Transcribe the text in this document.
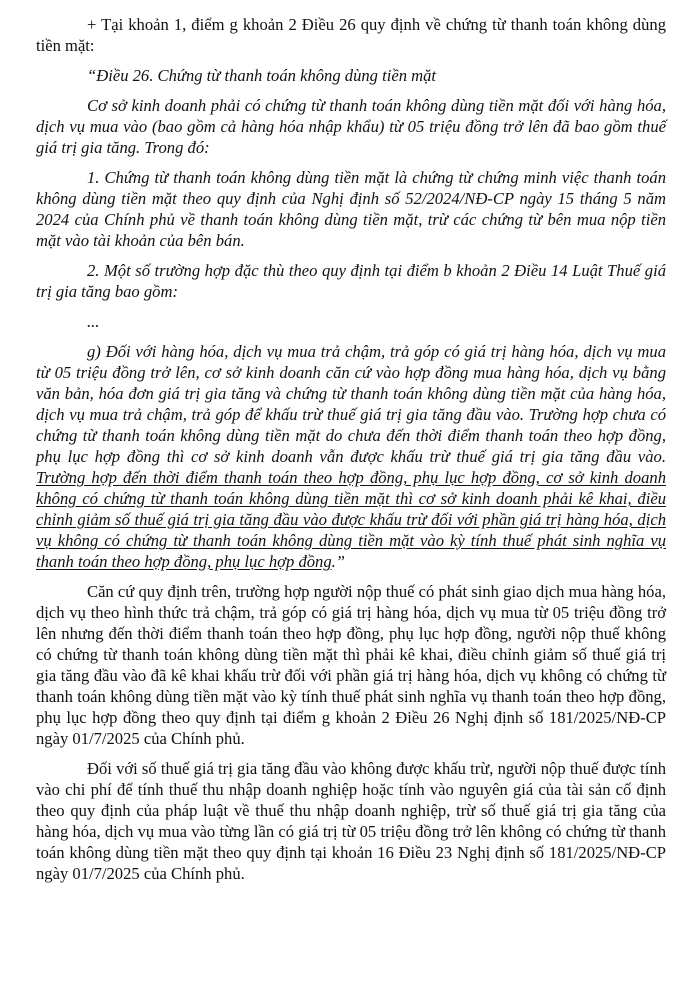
+ Tại khoản 1, điểm g khoản 2 Điều 26 quy định về chứng từ thanh toán không dùng tiền mặt:

“Điều 26. Chứng từ thanh toán không dùng tiền mặt

Cơ sở kinh doanh phải có chứng từ thanh toán không dùng tiền mặt đối với hàng hóa, dịch vụ mua vào (bao gồm cả hàng hóa nhập khẩu) từ 05 triệu đồng trở lên đã bao gồm thuế giá trị gia tăng. Trong đó:

1. Chứng từ thanh toán không dùng tiền mặt là chứng từ chứng minh việc thanh toán không dùng tiền mặt theo quy định của Nghị định số 52/2024/NĐ-CP ngày 15 tháng 5 năm 2024 của Chính phủ về thanh toán không dùng tiền mặt, trừ các chứng từ bên mua nộp tiền mặt vào tài khoản của bên bán.

2. Một số trường hợp đặc thù theo quy định tại điểm b khoản 2 Điều 14 Luật Thuế giá trị gia tăng bao gồm:

...

g) Đối với hàng hóa, dịch vụ mua trả chậm, trả góp có giá trị hàng hóa, dịch vụ mua từ 05 triệu đồng trở lên, cơ sở kinh doanh căn cứ vào hợp đồng mua hàng hóa, dịch vụ bằng văn bản, hóa đơn giá trị gia tăng và chứng từ thanh toán không dùng tiền mặt của hàng hóa, dịch vụ mua trả chậm, trả góp để khấu trừ thuế giá trị gia tăng đầu vào. Trường hợp chưa có chứng từ thanh toán không dùng tiền mặt do chưa đến thời điểm thanh toán theo hợp đồng, phụ lục hợp đồng thì cơ sở kinh doanh vẫn được khấu trừ thuế giá trị gia tăng đầu vào. Trường hợp đến thời điểm thanh toán theo hợp đồng, phụ lục hợp đồng, cơ sở kinh doanh không có chứng từ thanh toán không dùng tiền mặt thì cơ sở kinh doanh phải kê khai, điều chỉnh giảm số thuế giá trị gia tăng đầu vào được khấu trừ đối với phần giá trị hàng hóa, dịch vụ không có chứng từ thanh toán không dùng tiền mặt vào kỳ tính thuế phát sinh nghĩa vụ thanh toán theo hợp đồng, phụ lục hợp đồng.”

Căn cứ quy định trên, trường hợp người nộp thuế có phát sinh giao dịch mua hàng hóa, dịch vụ theo hình thức trả chậm, trả góp có giá trị hàng hóa, dịch vụ mua từ 05 triệu đồng trở lên nhưng đến thời điểm thanh toán theo hợp đồng, phụ lục hợp đồng, người nộp thuế không có chứng từ thanh toán không dùng tiền mặt thì phải kê khai, điều chỉnh giảm số thuế giá trị gia tăng đầu vào đã kê khai khấu trừ đối với phần giá trị hàng hóa, dịch vụ không có chứng từ thanh toán không dùng tiền mặt vào kỳ tính thuế phát sinh nghĩa vụ thanh toán theo hợp đồng, phụ lục hợp đồng theo quy định tại điểm g khoản 2 Điều 26 Nghị định số 181/2025/NĐ-CP ngày 01/7/2025 của Chính phủ.

Đối với số thuế giá trị gia tăng đầu vào không được khấu trừ, người nộp thuế được tính vào chi phí để tính thuế thu nhập doanh nghiệp hoặc tính vào nguyên giá của tài sản cố định theo quy định của pháp luật về thuế thu nhập doanh nghiệp, trừ số thuế giá trị gia tăng của hàng hóa, dịch vụ mua vào từng lần có giá trị từ 05 triệu đồng trở lên không có chứng từ thanh toán không dùng tiền mặt theo quy định tại khoản 16 Điều 23 Nghị định số 181/2025/NĐ-CP ngày 01/7/2025 của Chính phủ.
